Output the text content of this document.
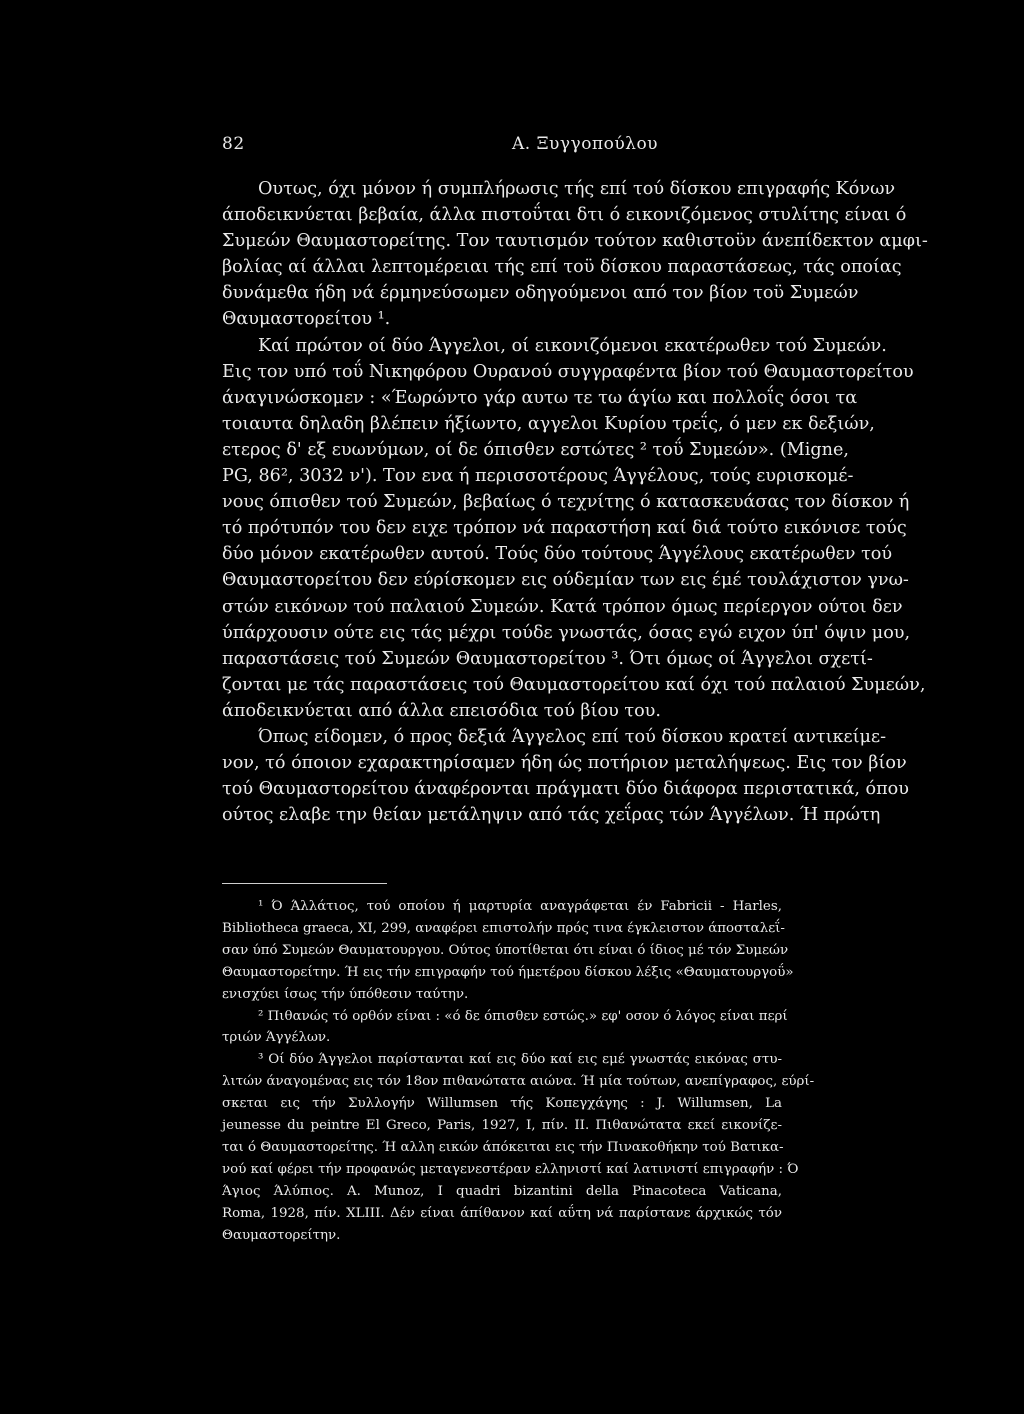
82	Α. Ξυγγοπούλου
Ουτως, όχι μόνον ή συμπλήρωσις τής επί τού δίσκου επιγραφής Κόνων
άποδεικνύεται βεβαία, άλλα πιστοΰται δτι ό εικονιζόμενος στυλίτης είναι ό
Συμεών Θαυμαστορείτης. Τον ταυτισμόν τούτον καθιστοϋν άνεπίδεκτον αμφι-
βολίας αί άλλαι λεπτομέρειαι τής επί τοϋ δίσκου παραστάσεως, τάς οποίας
δυνάμεθα ήδη νά έρμηνεύσωμεν οδηγούμενοι από τον βίον τοϋ Συμεών
Θαυμαστορείτου ¹.
Καί πρώτον οί δύο Άγγελοι, οί εικονιζόμενοι εκατέρωθεν τού Συμεών.
Εις τον υπό τοΰ Νικηφόρου Ουρανού συγγραφέντα βίον τού Θαυμαστορείτου
άναγινώσκομεν : «Έωρώντο γάρ αυτω τε τω άγίω και πολλοΐς όσοι τα
τοιαυτα δηλαδη βλέπειν ήξίωντο, αγγελοι Κυρίου τρεΐς, ό μεν εκ δεξιών,
ετερος δ' εξ ευωνύμων, οί δε όπισθεν εστώτες ² τοΰ Συμεών». (Migne,
PG, 86², 3032 ν'). Τον ενα ή περισσοτέρους Άγγέλους, τούς ευρισκομέ-
νους όπισθεν τού Συμεών, βεβαίως ό τεχνίτης ό κατασκευάσας τον δίσκον ή
τό πρότυπόν του δεν ειχε τρόπον νά παραστήση καί διά τούτο εικόνισε τούς
δύο μόνον εκατέρωθεν αυτού. Τούς δύο τούτους Άγγέλους εκατέρωθεν τού
Θαυμαστορείτου δεν εύρίσκομεν εις ούδεμίαν των εις έμέ τουλάχιστον γνω-
στών εικόνων τού παλαιού Συμεών. Κατά τρόπον όμως περίεργον ούτοι δεν
ύπάρχουσιν ούτε εις τάς μέχρι τούδε γνωστάς, όσας εγώ ειχον ύπ' όψιν μου,
παραστάσεις τού Συμεών Θαυμαστορείτου ³. Ότι όμως οί Άγγελοι σχετί-
ζονται με τάς παραστάσεις τού Θαυμαστορείτου καί όχι τού παλαιού Συμεών,
άποδεικνύεται από άλλα επεισόδια τού βίου του.
Όπως είδομεν, ό προς δεξιά Άγγελος επί τού δίσκου κρατεί αντικείμε-
νον, τό όποιον εχαρακτηρίσαμεν ήδη ώς ποτήριον μεταλήψεως. Εις τον βίον
τού Θαυμαστορείτου άναφέρονται πράγματι δύο διάφορα περιστατικά, όπου
ούτος ελαβε την θείαν μετάληψιν από τάς χεΐρας τών Άγγέλων. Ή πρώτη
¹ Ό Άλλάτιος, τού οποίου ή μαρτυρία αναγράφεται έν Fabricii - Harles,
Bibliotheca graeca, XI, 299, αναφέρει επιστολήν πρός τινα έγκλειστον άποσταλεΐ-
σαν ύπό Συμεών Θαυματουργου. Ούτος ύποτίθεται ότι είναι ό ίδιος μέ τόν Συμεών
Θαυμαστορείτην. Ή εις τήν επιγραφήν τού ήμετέρου δίσκου λέξις «Θαυματουργοΰ»
ενισχύει ίσως τήν ύπόθεσιν ταύτην.
² Πιθανώς τό ορθόν είναι : «ό δε όπισθεν εστώς.» εφ' οσον ό λόγος είναι περί
τριών Άγγέλων.
³ Οί δύο Άγγελοι παρίστανται καί εις δύο καί εις εμέ γνωστάς εικόνας στυ-
λιτών άναγομένας εις τόν 18ον πιθανώτατα αιώνα. Ή μία τούτων, ανεπίγραφος, εύρί-
σκεται εις τήν Συλλογήν Willumsen τής Κοπεγχάγης : J. Willumsen, La
jeunesse du peintre El Greco, Paris, 1927, I, πίν. II. Πιθανώτατα εκεί εικονίζε-
ται ό Θαυμαστορείτης. Ή αλλη εικών άπόκειται εις τήν Πινακοθήκην τού Βατικα-
νού καί φέρει τήν προφανώς μεταγενεστέραν ελληνιστί καί λατινιστί επιγραφήν : Ό
Άγιος Άλύπιος. A. Munoz, I quadri bizantini della Pinacoteca Vaticana,
Roma, 1928, πίν. XLIII. Δέν είναι άπίθανον καί αΰτη νά παρίστανε άρχικώς τόν
Θαυμαστορείτην.
